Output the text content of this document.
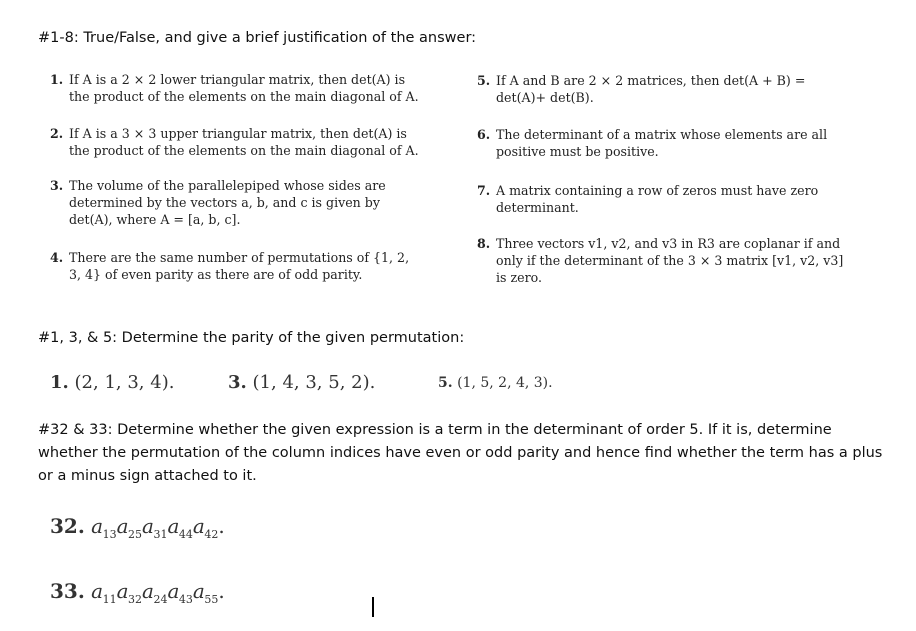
#1-8: True/False, and give a brief justification of the answer:
1. If A is a 2 × 2 lower triangular matrix, then det(A) is the product of the elements on the main diagonal of A.
2. If A is a 3 × 3 upper triangular matrix, then det(A) is the product of the elements on the main diagonal of A.
3. The volume of the parallelepiped whose sides are determined by the vectors a, b, and c is given by det(A), where A = [a, b, c].
4. There are the same number of permutations of {1, 2, 3, 4} of even parity as there are of odd parity.
5. If A and B are 2 × 2 matrices, then det(A + B) = det(A)+ det(B).
6. The determinant of a matrix whose elements are all positive must be positive.
7. A matrix containing a row of zeros must have zero determinant.
8. Three vectors v1, v2, and v3 in R3 are coplanar if and only if the determinant of the 3 × 3 matrix [v1, v2, v3] is zero.
#1, 3, & 5: Determine the parity of the given permutation:
1. (2, 1, 3, 4).	3. (1, 4, 3, 5, 2).	5. (1, 5, 2, 4, 3).
#32 & 33: Determine whether the given expression is a term in the determinant of order 5. If it is, determine whether the permutation of the column indices have even or odd parity and hence find whether the term has a plus or a minus sign attached to it.
32. $a_{13}a_{25}a_{31}a_{44}a_{42}$.
33. $a_{11}a_{32}a_{24}a_{43}a_{55}$.
